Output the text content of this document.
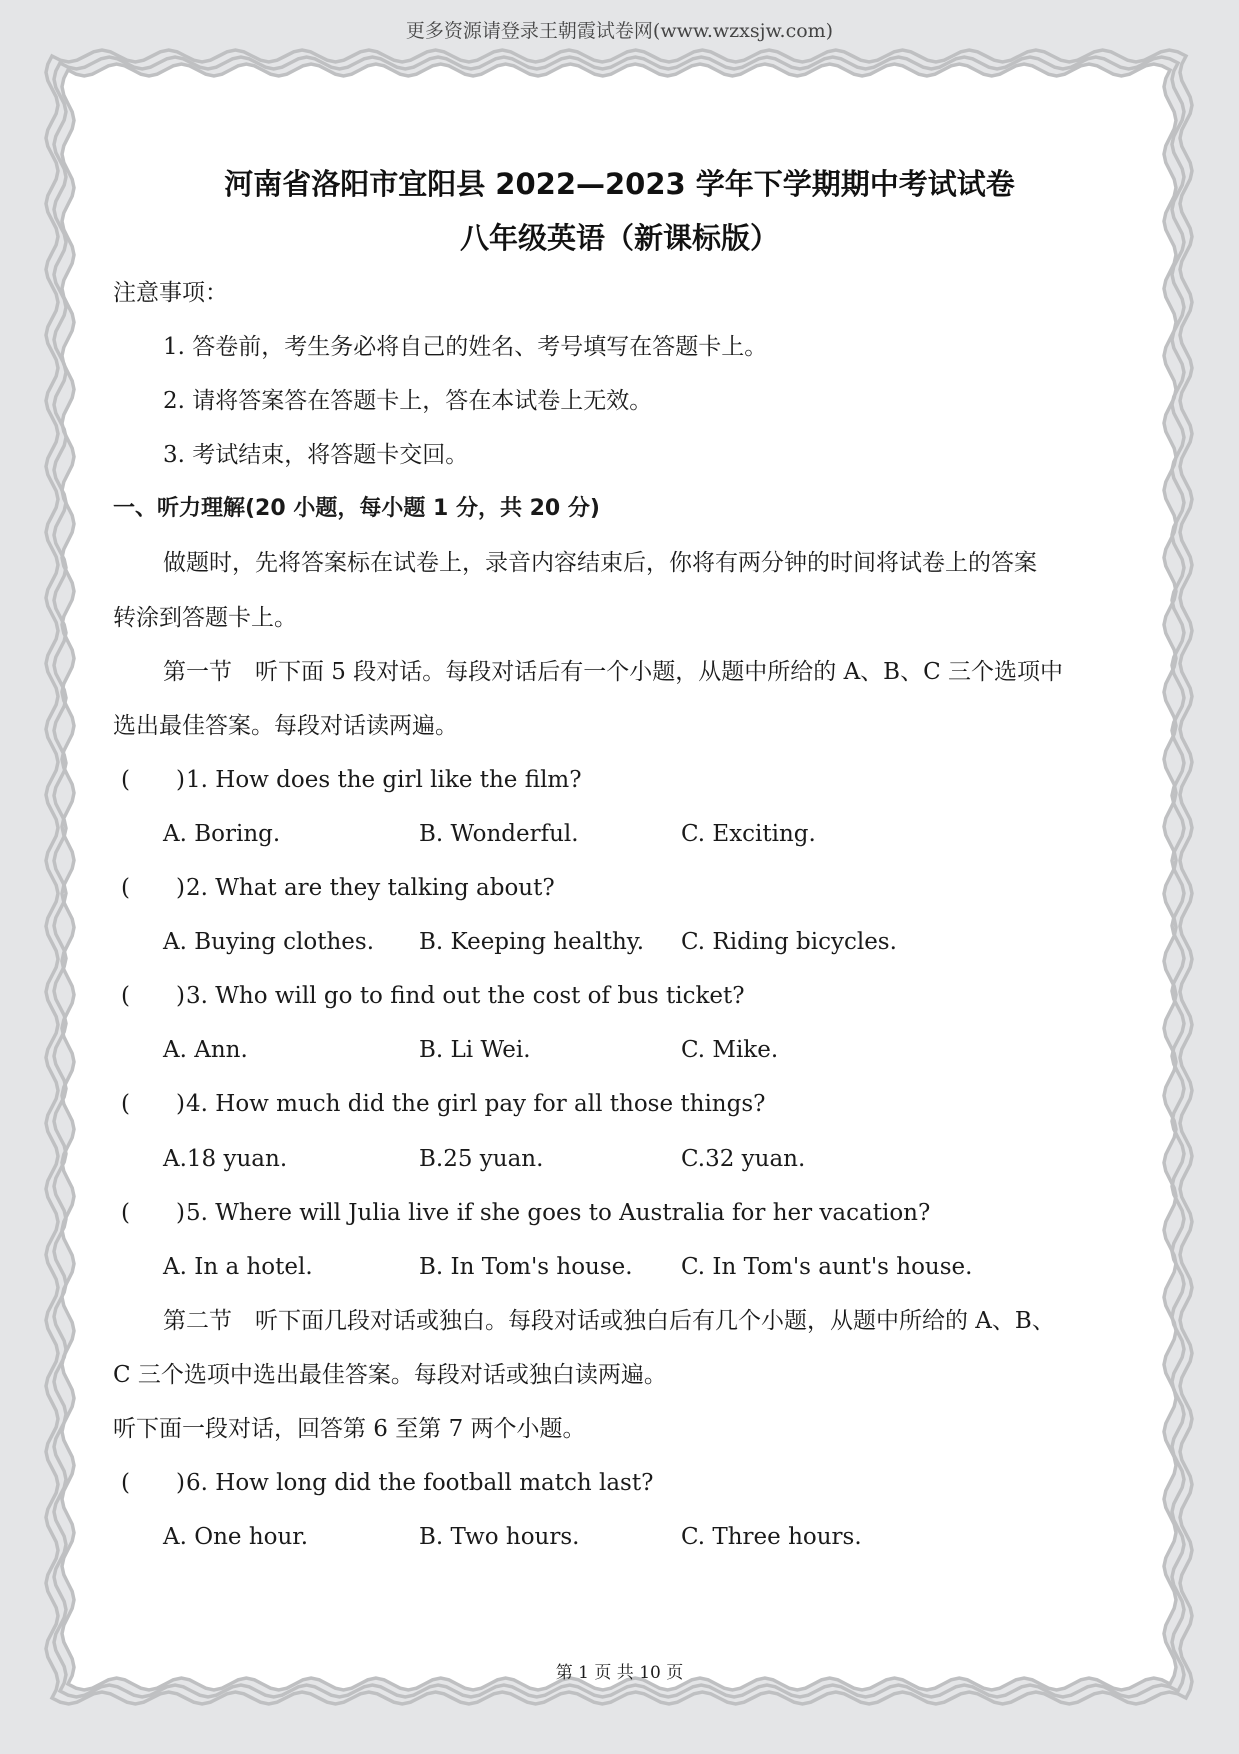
更多资源请登录王朝霞试卷网(www.wzxsjw.com)
河南省洛阳市宜阳县 2022—2023 学年下学期期中考试试卷
八年级英语（新课标版）
注意事项：
1. 答卷前，考生务必将自己的姓名、考号填写在答题卡上。
2. 请将答案答在答题卡上，答在本试卷上无效。
3. 考试结束，将答题卡交回。
一、听力理解(20 小题，每小题 1 分，共 20 分)
做题时，先将答案标在试卷上，录音内容结束后，你将有两分钟的时间将试卷上的答案
转涂到答题卡上。
第一节　听下面 5 段对话。每段对话后有一个小题，从题中所给的 A、B、C 三个选项中
选出最佳答案。每段对话读两遍。
(　　)1. How does the girl like the film?
A. Boring.	B. Wonderful.	C. Exciting.
(　　)2. What are they talking about?
A. Buying clothes. B. Keeping healthy. C. Riding bicycles.
(　　)3. Who will go to find out the cost of bus ticket?
A. Ann.	B. Li Wei.	C. Mike.
(　　)4. How much did the girl pay for all those things?
A.18 yuan.	B.25 yuan.	C.32 yuan.
(　　)5. Where will Julia live if she goes to Australia for her vacation?
A. In a hotel.	B. In Tom's house. C. In Tom's aunt's house.
第二节　听下面几段对话或独白。每段对话或独白后有几个小题，从题中所给的 A、B、
C 三个选项中选出最佳答案。每段对话或独白读两遍。
听下面一段对话，回答第 6 至第 7 两个小题。
(　　)6. How long did the football match last?
A. One hour.	B. Two hours.	C. Three hours.
第 1 页 共 10 页
